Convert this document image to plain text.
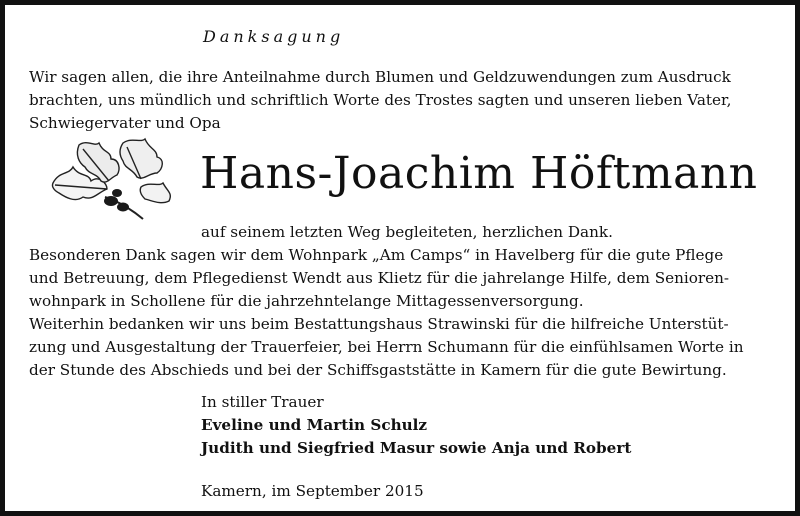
Danksagung
Wir sagen allen, die ihre Anteilnahme durch Blumen und Geldzuwendungen zum Ausdruck
brachten, uns mündlich und schriftlich Worte des Trostes sagten und unseren lieben Vater,
Schwiegervater und Opa
Hans-Joachim Höftmann
auf seinem letzten Weg begleiteten, herzlichen Dank.
Besonderen Dank sagen wir dem Wohnpark „Am Camps“ in Havelberg für die gute Pflege
und Betreuung, dem Pflegedienst Wendt aus Klietz für die jahrelange Hilfe, dem Senioren-
wohnpark in Schollene für die jahrzehntelange Mittagessenversorgung.
Weiterhin bedanken wir uns beim Bestattungshaus Strawinski für die hilfreiche Unterstüt-
zung und Ausgestaltung der Trauerfeier, bei Herrn Schumann für die einfühlsamen Worte in
der Stunde des Abschieds und bei der Schiffsgaststätte in Kamern für die gute Bewirtung.
In stiller Trauer
Eveline und Martin Schulz
Judith und Siegfried Masur sowie Anja und Robert
Kamern, im September 2015
